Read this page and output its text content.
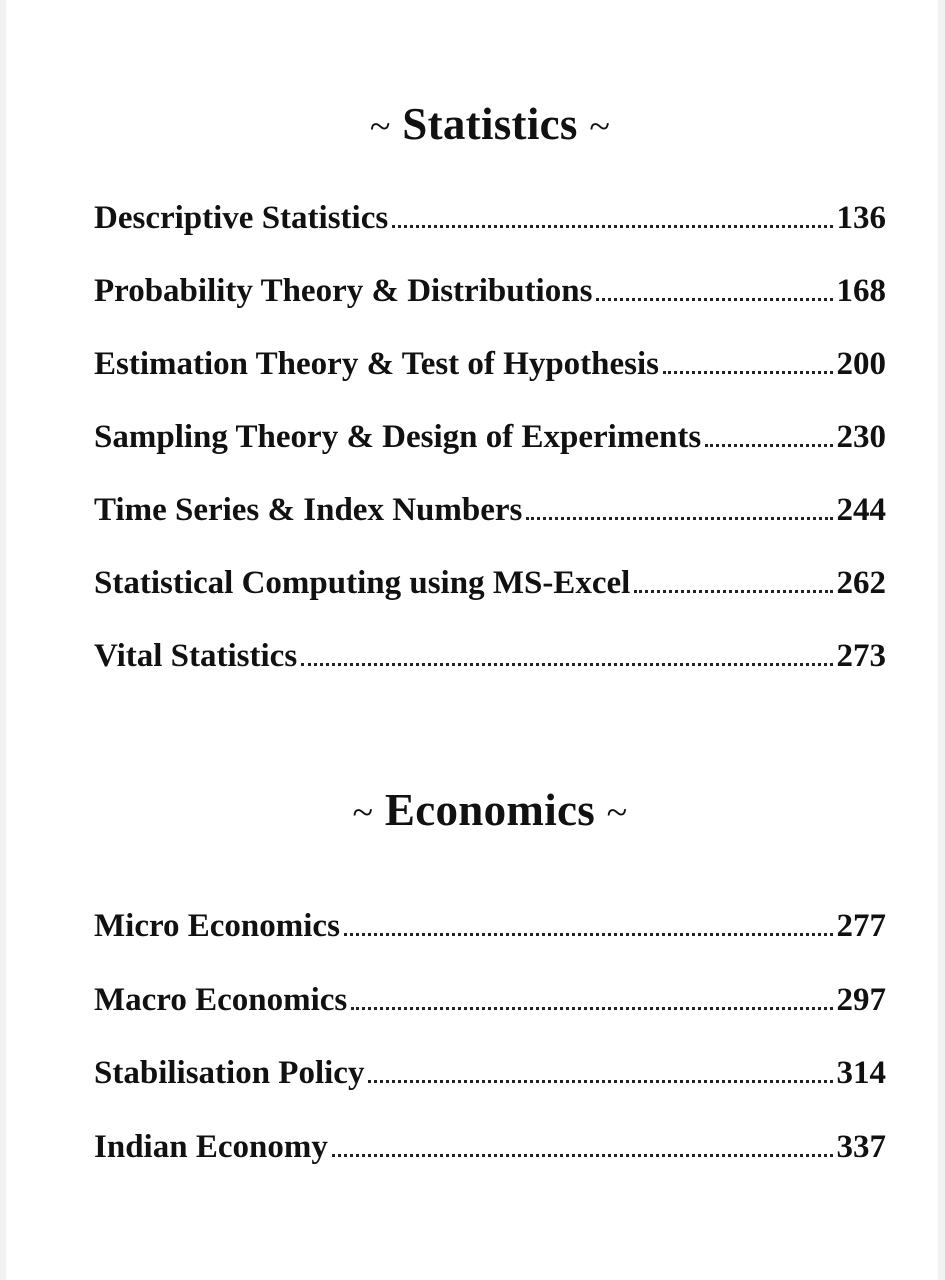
~ Statistics ~
Descriptive Statistics	136
Probability Theory & Distributions	168
Estimation Theory & Test of Hypothesis	200
Sampling Theory & Design of Experiments	230
Time Series & Index Numbers	244
Statistical Computing using MS-Excel	262
Vital Statistics	273
~ Economics ~
Micro Economics	277
Macro Economics	297
Stabilisation Policy	314
Indian Economy	337
